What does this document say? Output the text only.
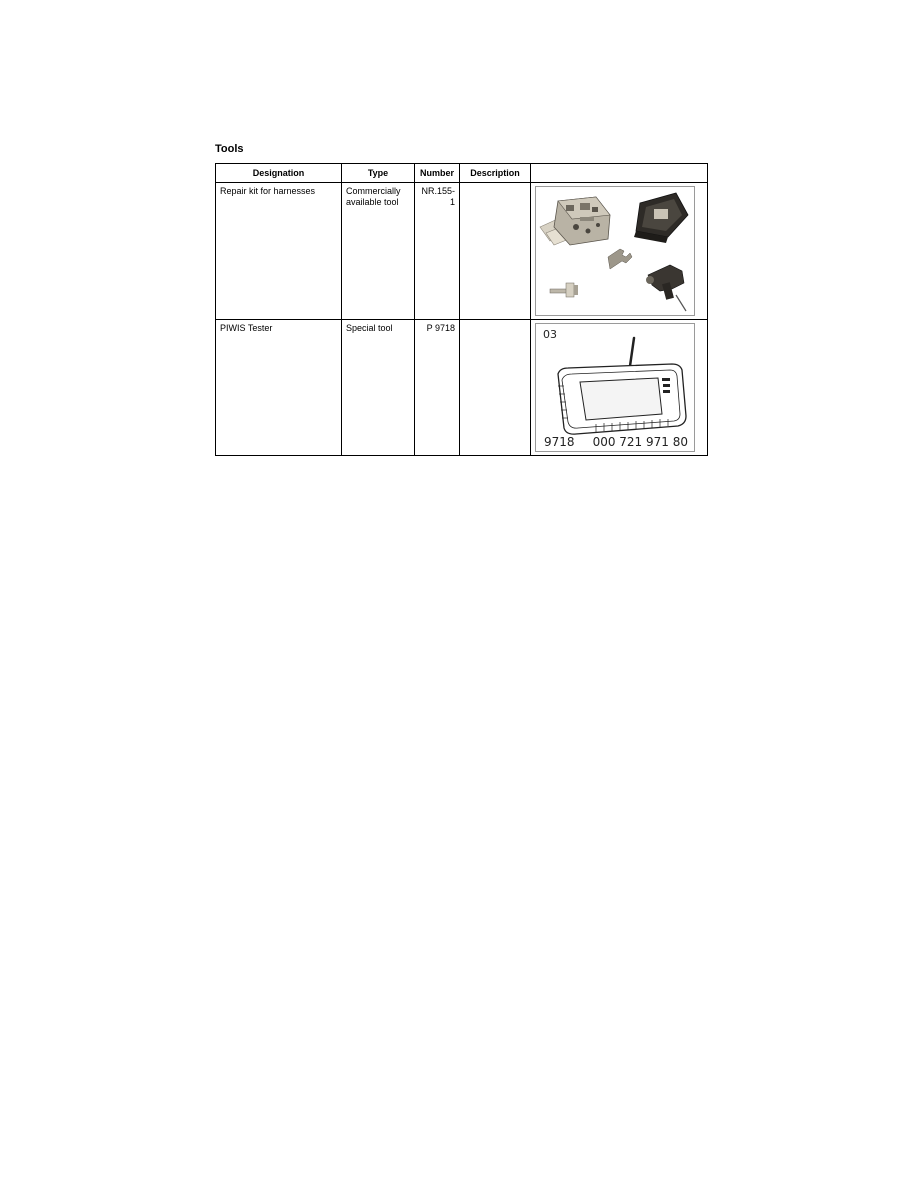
Tools
Designation	Type	Number	Description	
Repair kit for harnesses	Commercially available tool	NR.155-1		

PIWIS Tester	Special tool	P 9718		03
9718 000 721 971 80
